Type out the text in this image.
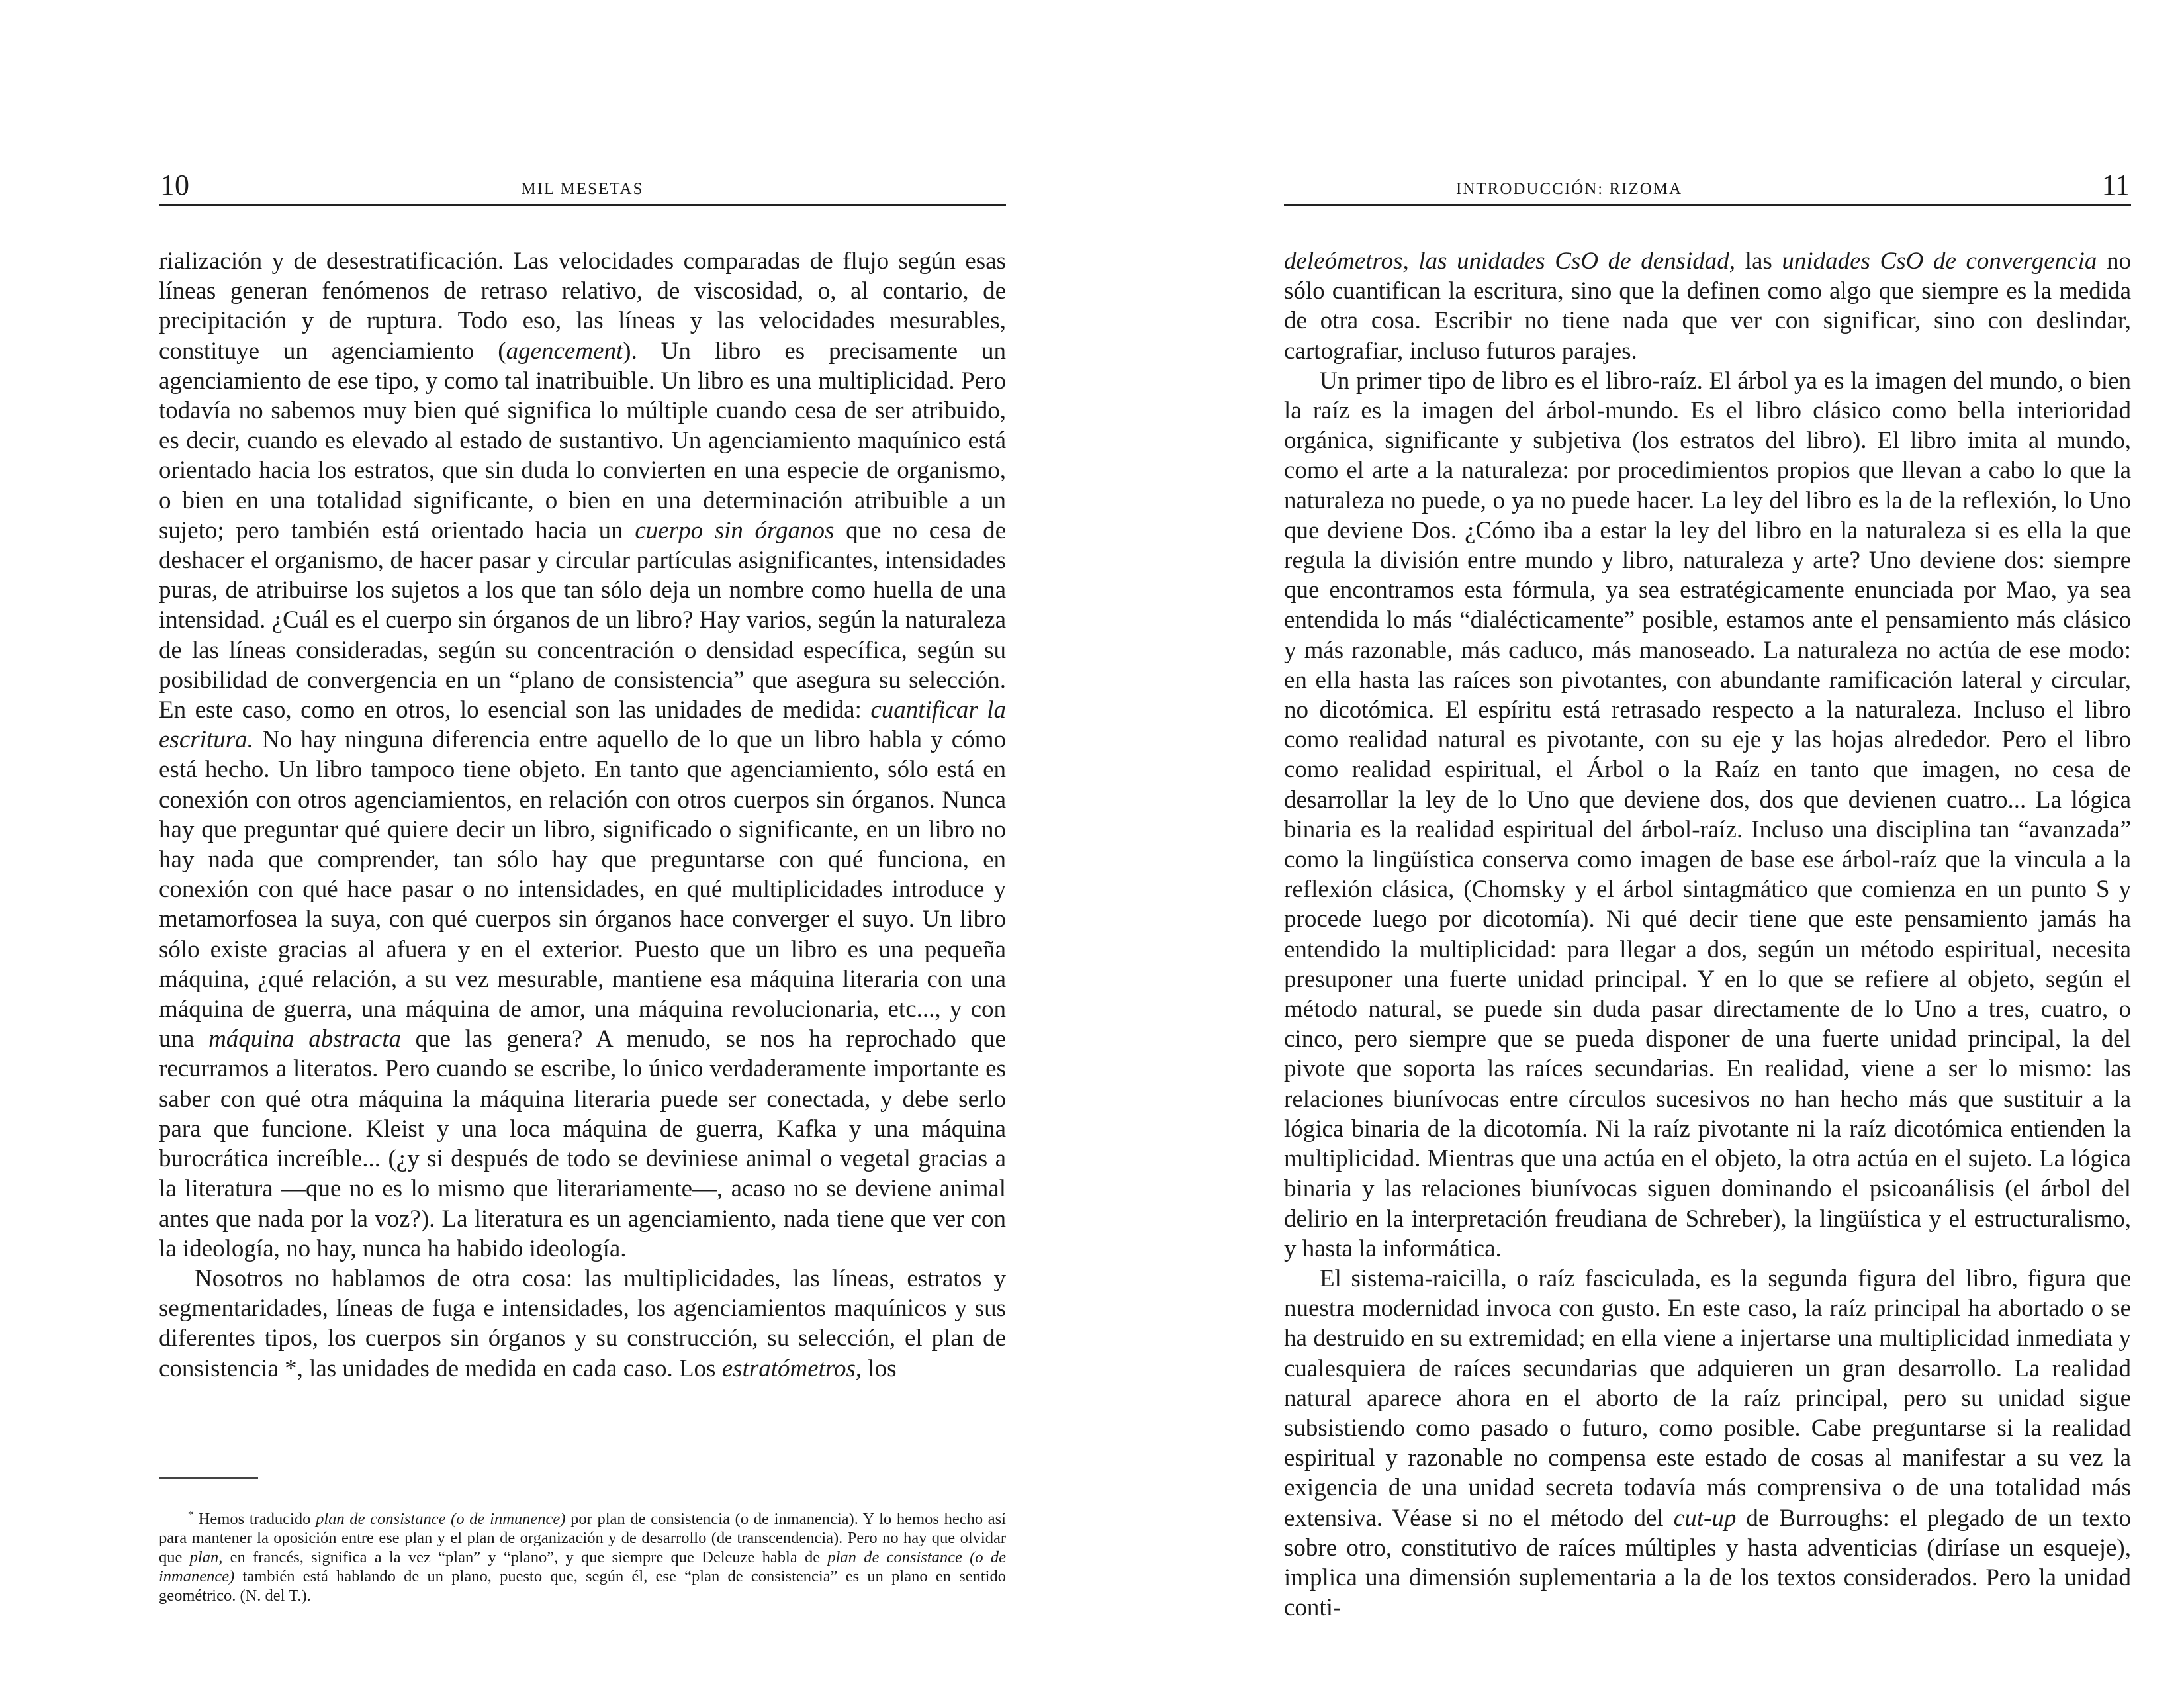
10	MIL MESETAS

rialización y de desestratificación. Las velocidades comparadas de flujo según esas líneas generan fenómenos de retraso relativo, de viscosidad, o, al contario, de precipitación y de ruptura. Todo eso, las líneas y las velocidades mesurables, constituye un agenciamiento (agencement). Un libro es precisamente un agenciamiento de ese tipo, y como tal inatribuible. Un libro es una multiplicidad. Pero todavía no sabemos muy bien qué significa lo múltiple cuando cesa de ser atribuido, es decir, cuando es elevado al estado de sustantivo. Un agenciamiento maquínico está orientado hacia los estratos, que sin duda lo convierten en una especie de organismo, o bien en una totalidad significante, o bien en una determinación atribuible a un sujeto; pero también está orientado hacia un cuerpo sin órganos que no cesa de deshacer el organismo, de hacer pasar y circular partículas asignificantes, intensidades puras, de atribuirse los sujetos a los que tan sólo deja un nombre como huella de una intensidad. ¿Cuál es el cuerpo sin órganos de un libro? Hay varios, según la naturaleza de las líneas consideradas, según su concentración o densidad específica, según su posibilidad de convergencia en un “plano de consistencia” que asegura su selección. En este caso, como en otros, lo esencial son las unidades de medida: cuantificar la escritura. No hay ninguna diferencia entre aquello de lo que un libro habla y cómo está hecho. Un libro tampoco tiene objeto. En tanto que agenciamiento, sólo está en conexión con otros agenciamientos, en relación con otros cuerpos sin órganos. Nunca hay que preguntar qué quiere decir un libro, significado o significante, en un libro no hay nada que comprender, tan sólo hay que preguntarse con qué funciona, en conexión con qué hace pasar o no intensidades, en qué multiplicidades introduce y metamorfosea la suya, con qué cuerpos sin órganos hace converger el suyo. Un libro sólo existe gracias al afuera y en el exterior. Puesto que un libro es una pequeña máquina, ¿qué relación, a su vez mesurable, mantiene esa máquina literaria con una máquina de guerra, una máquina de amor, una máquina revolucionaria, etc..., y con una máquina abstracta que las genera? A menudo, se nos ha reprochado que recurramos a literatos. Pero cuando se escribe, lo único verdaderamente importante es saber con qué otra máquina la máquina literaria puede ser conectada, y debe serlo para que funcione. Kleist y una loca máquina de guerra, Kafka y una máquina burocrática increíble... (¿y si después de todo se deviniese animal o vegetal gracias a la literatura —que no es lo mismo que literariamente—, acaso no se deviene animal antes que nada por la voz?). La literatura es un agenciamiento, nada tiene que ver con la ideología, no hay, nunca ha habido ideología.

Nosotros no hablamos de otra cosa: las multiplicidades, las líneas, estratos y segmentaridades, líneas de fuga e intensidades, los agenciamientos maquínicos y sus diferentes tipos, los cuerpos sin órganos y su construcción, su selección, el plan de consistencia *, las unidades de medida en cada caso. Los estratómetros, los

* Hemos traducido plan de consistance (o de inmunence) por plan de consistencia (o de inmanencia). Y lo hemos hecho así para mantener la oposición entre ese plan y el plan de organización y de desarrollo (de transcendencia). Pero no hay que olvidar que plan, en francés, significa a la vez “plan” y “plano”, y que siempre que Deleuze habla de plan de consistance (o de inmanence) también está hablando de un plano, puesto que, según él, ese “plan de consistencia” es un plano en sentido geométrico. (N. del T.).
INTRODUCCIÓN: RIZOMA	11

deleómetros, las unidades CsO de densidad, las unidades CsO de convergencia no sólo cuantifican la escritura, sino que la definen como algo que siempre es la medida de otra cosa. Escribir no tiene nada que ver con significar, sino con deslindar, cartografiar, incluso futuros parajes.

Un primer tipo de libro es el libro-raíz. El árbol ya es la imagen del mundo, o bien la raíz es la imagen del árbol-mundo. Es el libro clásico como bella interioridad orgánica, significante y subjetiva (los estratos del libro). El libro imita al mundo, como el arte a la naturaleza: por procedimientos propios que llevan a cabo lo que la naturaleza no puede, o ya no puede hacer. La ley del libro es la de la reflexión, lo Uno que deviene Dos. ¿Cómo iba a estar la ley del libro en la naturaleza si es ella la que regula la división entre mundo y libro, naturaleza y arte? Uno deviene dos: siempre que encontramos esta fórmula, ya sea estratégicamente enunciada por Mao, ya sea entendida lo más “dialécticamente” posible, estamos ante el pensamiento más clásico y más razonable, más caduco, más manoseado. La naturaleza no actúa de ese modo: en ella hasta las raíces son pivotantes, con abundante ramificación lateral y circular, no dicotómica. El espíritu está retrasado respecto a la naturaleza. Incluso el libro como realidad natural es pivotante, con su eje y las hojas alrededor. Pero el libro como realidad espiritual, el Árbol o la Raíz en tanto que imagen, no cesa de desarrollar la ley de lo Uno que deviene dos, dos que devienen cuatro... La lógica binaria es la realidad espiritual del árbol-raíz. Incluso una disciplina tan “avanzada” como la lingüística conserva como imagen de base ese árbol-raíz que la vincula a la reflexión clásica, (Chomsky y el árbol sintagmático que comienza en un punto S y procede luego por dicotomía). Ni qué decir tiene que este pensamiento jamás ha entendido la multiplicidad: para llegar a dos, según un método espiritual, necesita presuponer una fuerte unidad principal. Y en lo que se refiere al objeto, según el método natural, se puede sin duda pasar directamente de lo Uno a tres, cuatro, o cinco, pero siempre que se pueda disponer de una fuerte unidad principal, la del pivote que soporta las raíces secundarias. En realidad, viene a ser lo mismo: las relaciones biunívocas entre círculos sucesivos no han hecho más que sustituir a la lógica binaria de la dicotomía. Ni la raíz pivotante ni la raíz dicotómica entienden la multiplicidad. Mientras que una actúa en el objeto, la otra actúa en el sujeto. La lógica binaria y las relaciones biunívocas siguen dominando el psicoanálisis (el árbol del delirio en la interpretación freudiana de Schreber), la lingüística y el estructuralismo, y hasta la informática.

El sistema-raicilla, o raíz fasciculada, es la segunda figura del libro, figura que nuestra modernidad invoca con gusto. En este caso, la raíz principal ha abortado o se ha destruido en su extremidad; en ella viene a injertarse una multiplicidad inmediata y cualesquiera de raíces secundarias que adquieren un gran desarrollo. La realidad natural aparece ahora en el aborto de la raíz principal, pero su unidad sigue subsistiendo como pasado o futuro, como posible. Cabe preguntarse si la realidad espiritual y razonable no compensa este estado de cosas al manifestar a su vez la exigencia de una unidad secreta todavía más comprensiva o de una totalidad más extensiva. Véase si no el método del cut-up de Burroughs: el plegado de un texto sobre otro, constitutivo de raíces múltiples y hasta adventicias (diríase un esqueje), implica una dimensión suplementaria a la de los textos considerados. Pero la unidad conti-
